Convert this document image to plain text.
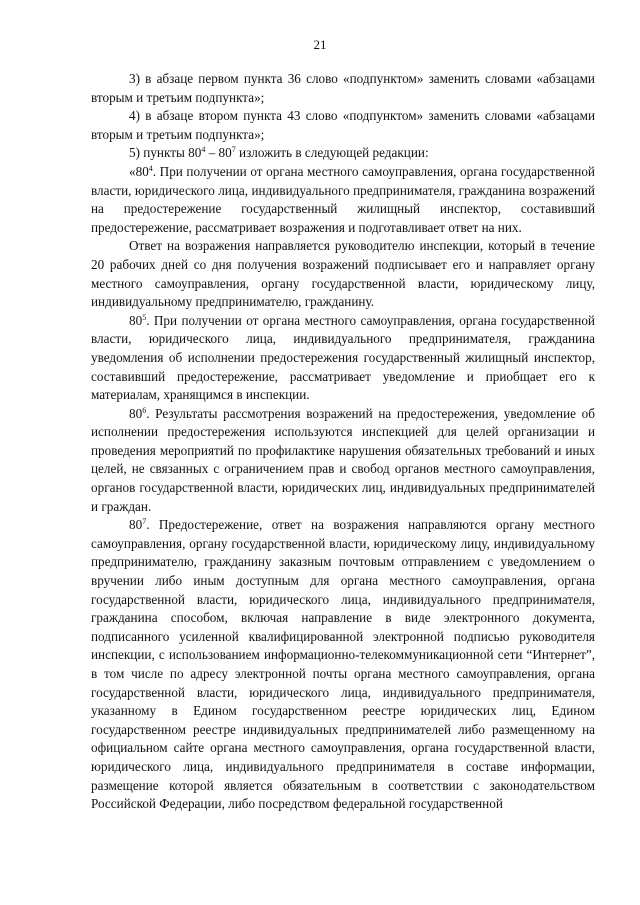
21

3) в абзаце первом пункта 36 слово «подпунктом» заменить словами «абзацами вторым и третьим подпункта»;

4) в абзаце втором пункта 43 слово «подпунктом» заменить словами «абзацами вторым и третьим подпункта»;

5) пункты $80^4 - 80^7$ изложить в следующей редакции:

«$80^4$. При получении от органа местного самоуправления, органа государственной власти, юридического лица, индивидуального предпринимателя, гражданина возражений на предостережение государственный жилищный инспектор, составивший предостережение, рассматривает возражения и подготавливает ответ на них.

Ответ на возражения направляется руководителю инспекции, который в течение 20 рабочих дней со дня получения возражений подписывает его и направляет органу местного самоуправления, органу государственной власти, юридическому лицу, индивидуальному предпринимателю, гражданину.

$80^5$. При получении от органа местного самоуправления, органа государственной власти, юридического лица, индивидуального предпринимателя, гражданина уведомления об исполнении предостережения государственный жилищный инспектор, составивший предостережение, рассматривает уведомление и приобщает его к материалам, хранящимся в инспекции.

$80^6$. Результаты рассмотрения возражений на предостережения, уведомление об исполнении предостережения используются инспекцией для целей организации и проведения мероприятий по профилактике нарушения обязательных требований и иных целей, не связанных с ограничением прав и свобод органов местного самоуправления, органов государственной власти, юридических лиц, индивидуальных предпринимателей и граждан.

$80^7$. Предостережение, ответ на возражения направляются органу местного самоуправления, органу государственной власти, юридическому лицу, индивидуальному предпринимателю, гражданину заказным почтовым отправлением с уведомлением о вручении либо иным доступным для органа местного самоуправления, органа государственной власти, юридического лица, индивидуального предпринимателя, гражданина способом, включая направление в виде электронного документа, подписанного усиленной квалифицированной электронной подписью руководителя инспекции, с использованием информационно-телекоммуникационной сети “Интернет”, в том числе по адресу электронной почты органа местного самоуправления, органа государственной власти, юридического лица, индивидуального предпринимателя, указанному в Едином государственном реестре юридических лиц, Едином государственном реестре индивидуальных предпринимателей либо размещенному на официальном сайте органа местного самоуправления, органа государственной власти, юридического лица, индивидуального предпринимателя в составе информации, размещение которой является обязательным в соответствии с законодательством Российской Федерации, либо посредством федеральной государственной
